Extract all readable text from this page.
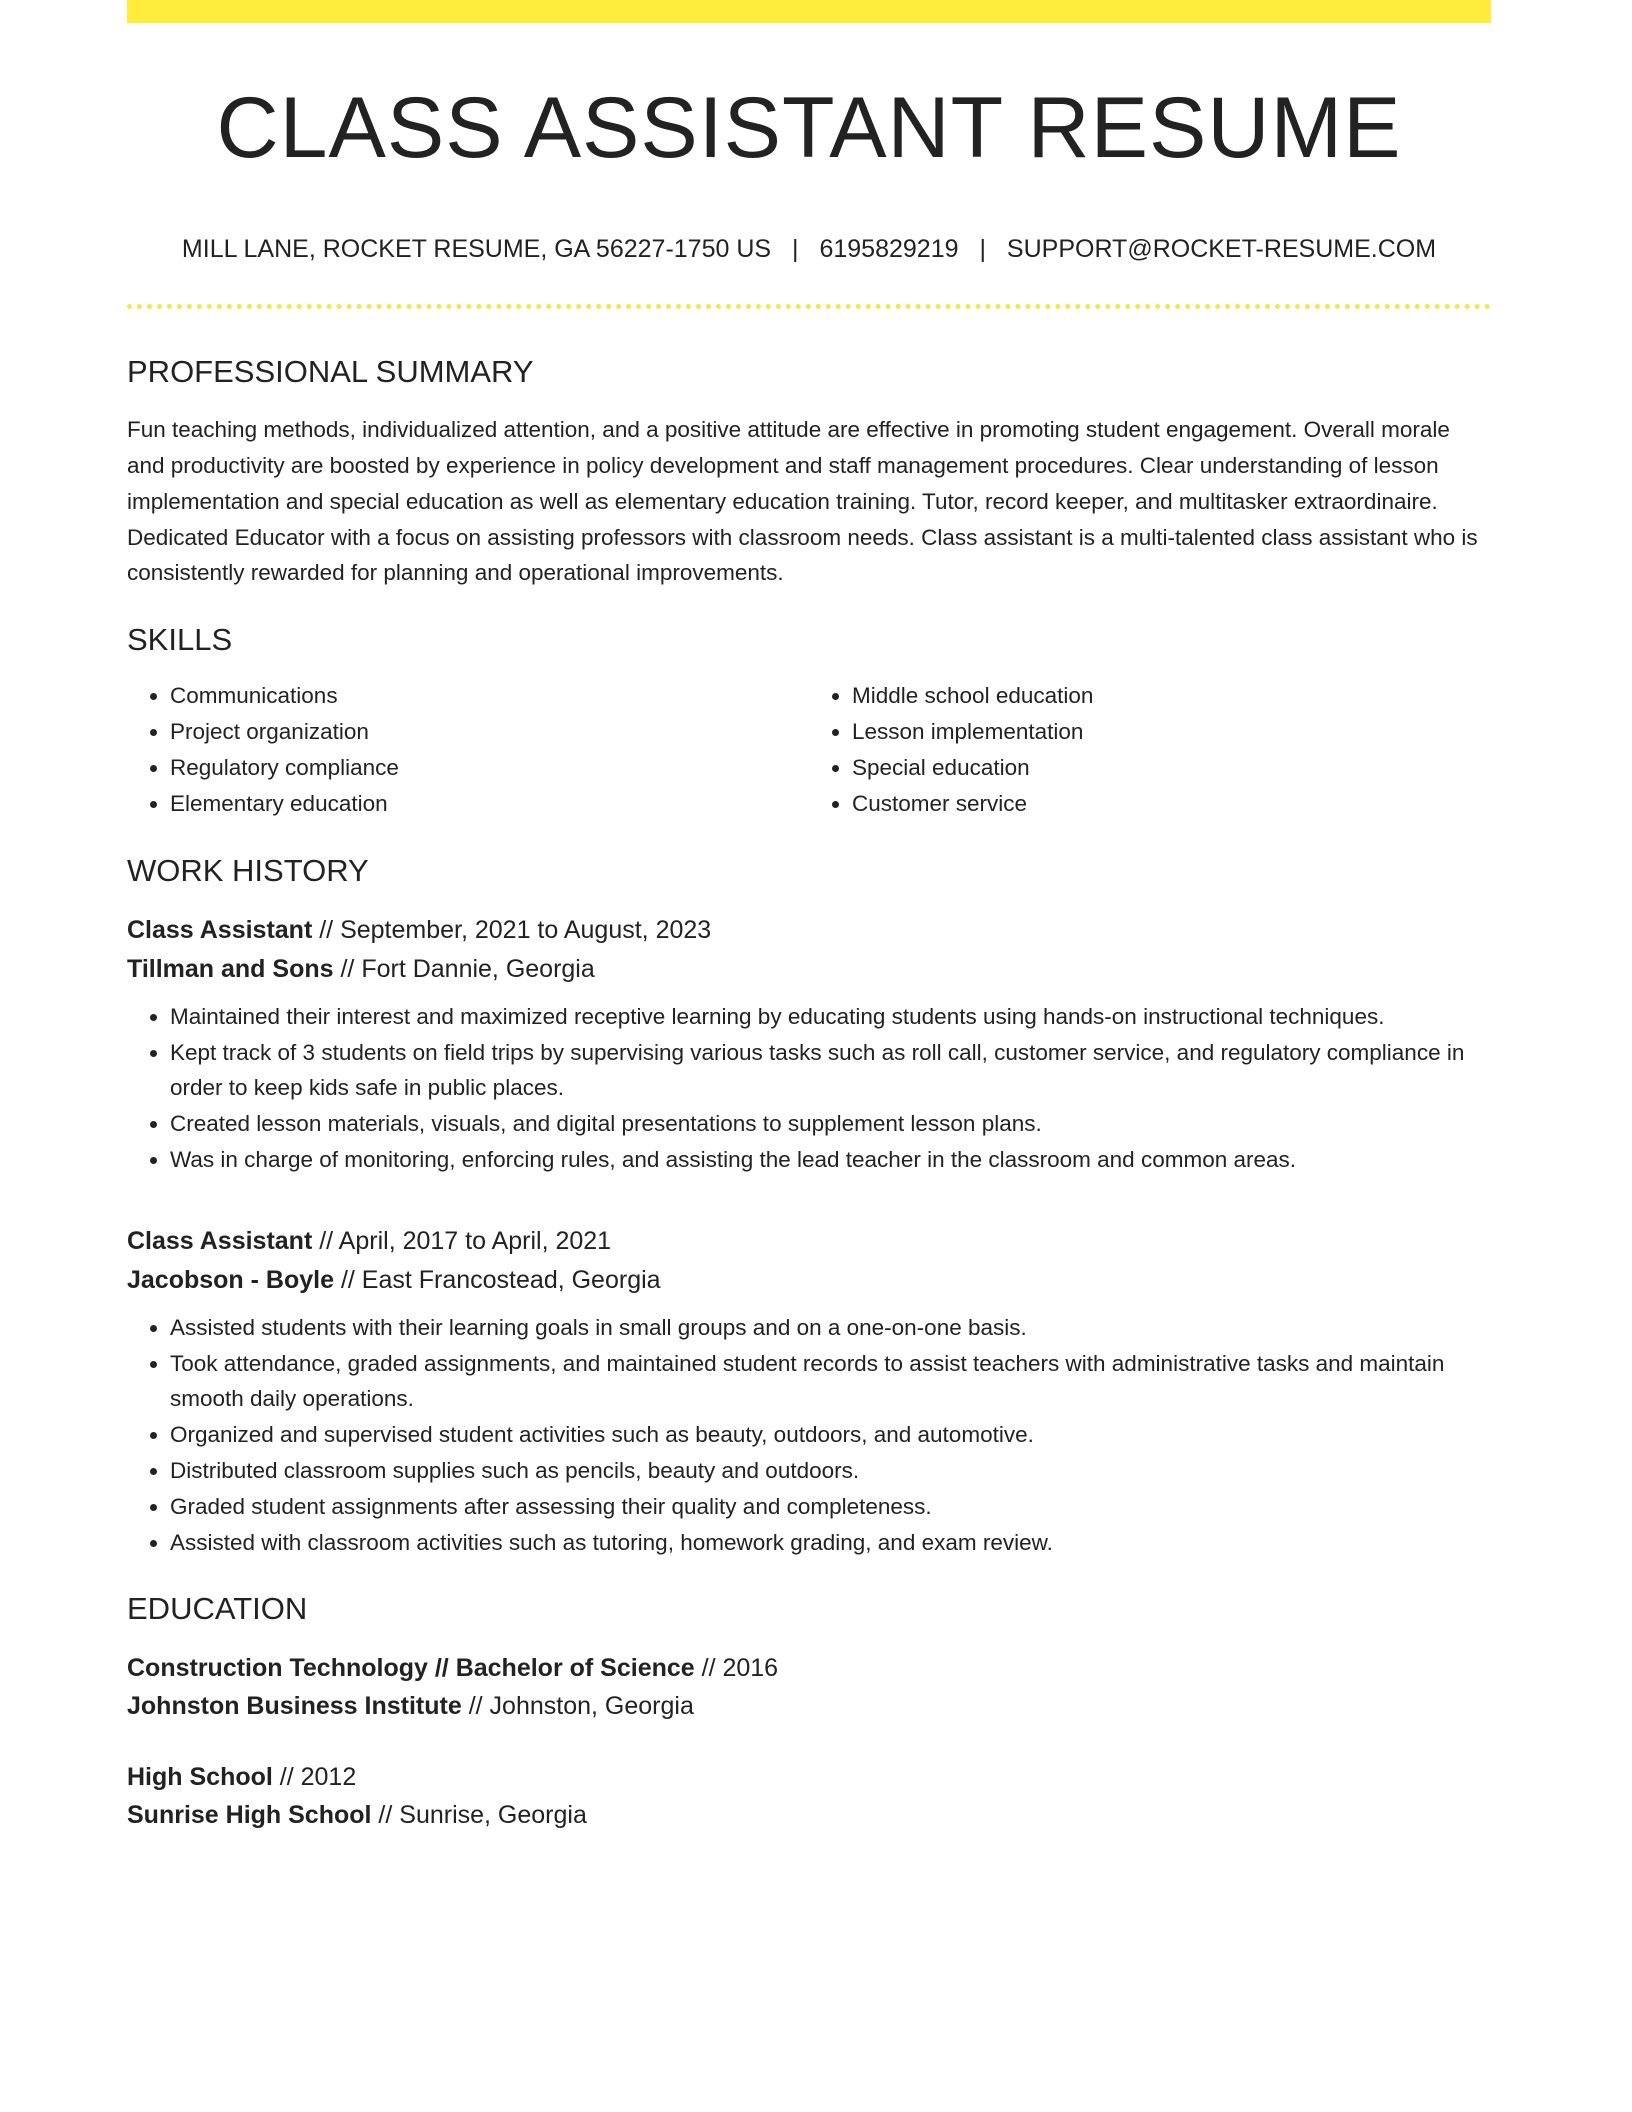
CLASS ASSISTANT RESUME
MILL LANE, ROCKET RESUME, GA 56227-1750 US | 6195829219 | SUPPORT@ROCKET-RESUME.COM
PROFESSIONAL SUMMARY

Fun teaching methods, individualized attention, and a positive attitude are effective in promoting student engagement. Overall morale and productivity are boosted by experience in policy development and staff management procedures. Clear understanding of lesson implementation and special education as well as elementary education training. Tutor, record keeper, and multitasker extraordinaire. Dedicated Educator with a focus on assisting professors with classroom needs. Class assistant is a multi-talented class assistant who is consistently rewarded for planning and operational improvements.

SKILLS
• Communications
• Project organization
• Regulatory compliance
• Elementary education
• Middle school education
• Lesson implementation
• Special education
• Customer service
WORK HISTORY
Class Assistant // September, 2021 to August, 2023
Tillman and Sons // Fort Dannie, Georgia
• Maintained their interest and maximized receptive learning by educating students using hands-on instructional techniques.
• Kept track of 3 students on field trips by supervising various tasks such as roll call, customer service, and regulatory compliance in order to keep kids safe in public places.
• Created lesson materials, visuals, and digital presentations to supplement lesson plans.
• Was in charge of monitoring, enforcing rules, and assisting the lead teacher in the classroom and common areas.
Class Assistant // April, 2017 to April, 2021
Jacobson - Boyle // East Francostead, Georgia
• Assisted students with their learning goals in small groups and on a one-on-one basis.
• Took attendance, graded assignments, and maintained student records to assist teachers with administrative tasks and maintain smooth daily operations.
• Organized and supervised student activities such as beauty, outdoors, and automotive.
• Distributed classroom supplies such as pencils, beauty and outdoors.
• Graded student assignments after assessing their quality and completeness.
• Assisted with classroom activities such as tutoring, homework grading, and exam review.
EDUCATION
Construction Technology // Bachelor of Science // 2016
Johnston Business Institute // Johnston, Georgia
High School // 2012
Sunrise High School // Sunrise, Georgia
